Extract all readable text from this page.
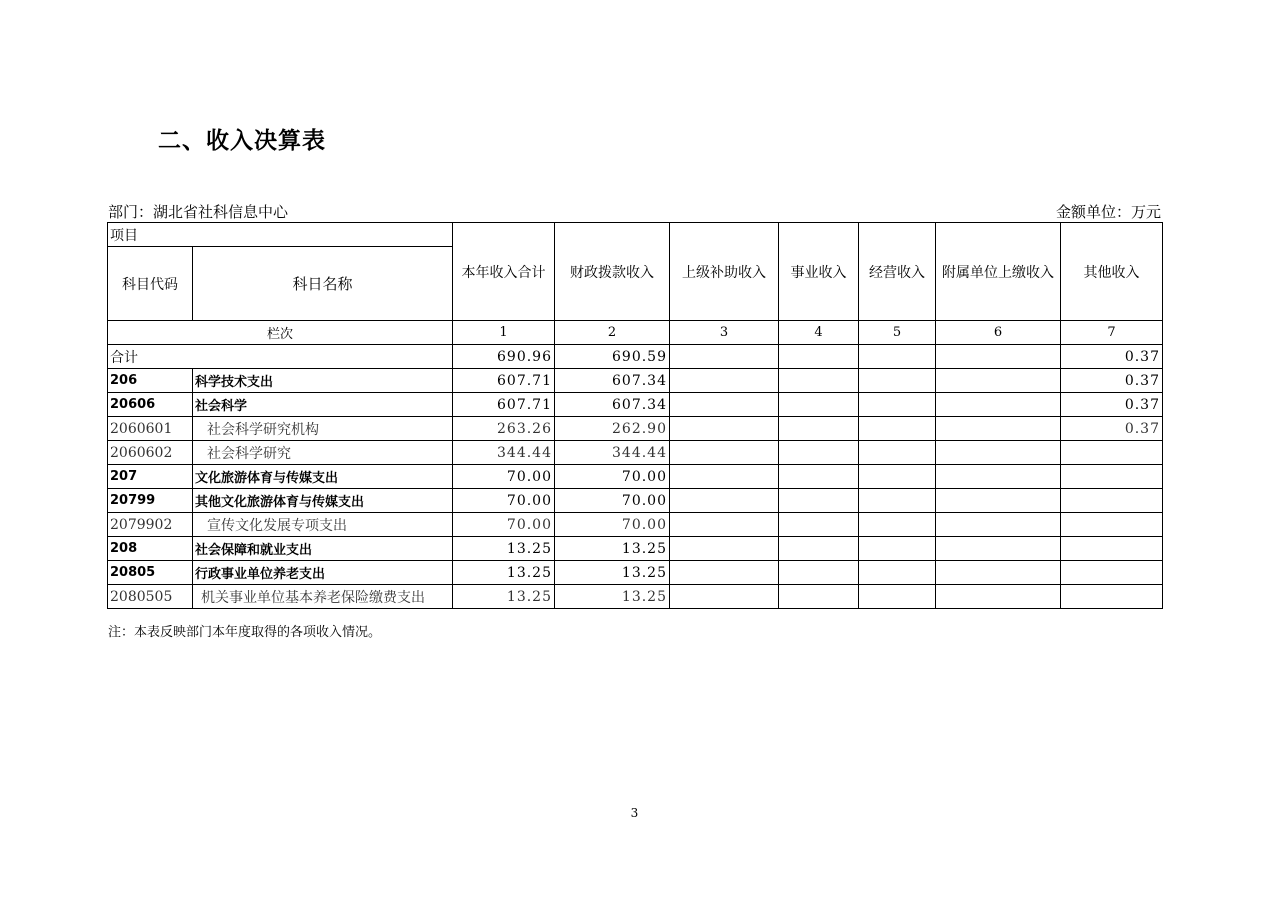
二、收入决算表
部门：湖北省社科信息中心	金额单位：万元
项目		本年收入合计	财政拨款收入	上级补助收入	事业收入	经营收入	附属单位上缴收入	其他收入
科目代码	科日名称							
栏次		1	2	3	4	5	6	7
合计		690.96	690.59					0.37
206	科学技术支出	607.71	607.34					0.37
20606	社会科学	607.71	607.34					0.37
2060601	社会科学研究机构	263.26	262.90					0.37
2060602	社会科学研究	344.44	344.44					
207	文化旅游体育与传媒支出	70.00	70.00					
20799	其他文化旅游体育与传媒支出	70.00	70.00					
2079902	宣传文化发展专项支出	70.00	70.00					
208	社会保障和就业支出	13.25	13.25					
20805	行政事业单位养老支出	13.25	13.25					
2080505	机关事业单位基本养老保险缴费支出	13.25	13.25					
注：本表反映部门本年度取得的各项收入情况。
3
